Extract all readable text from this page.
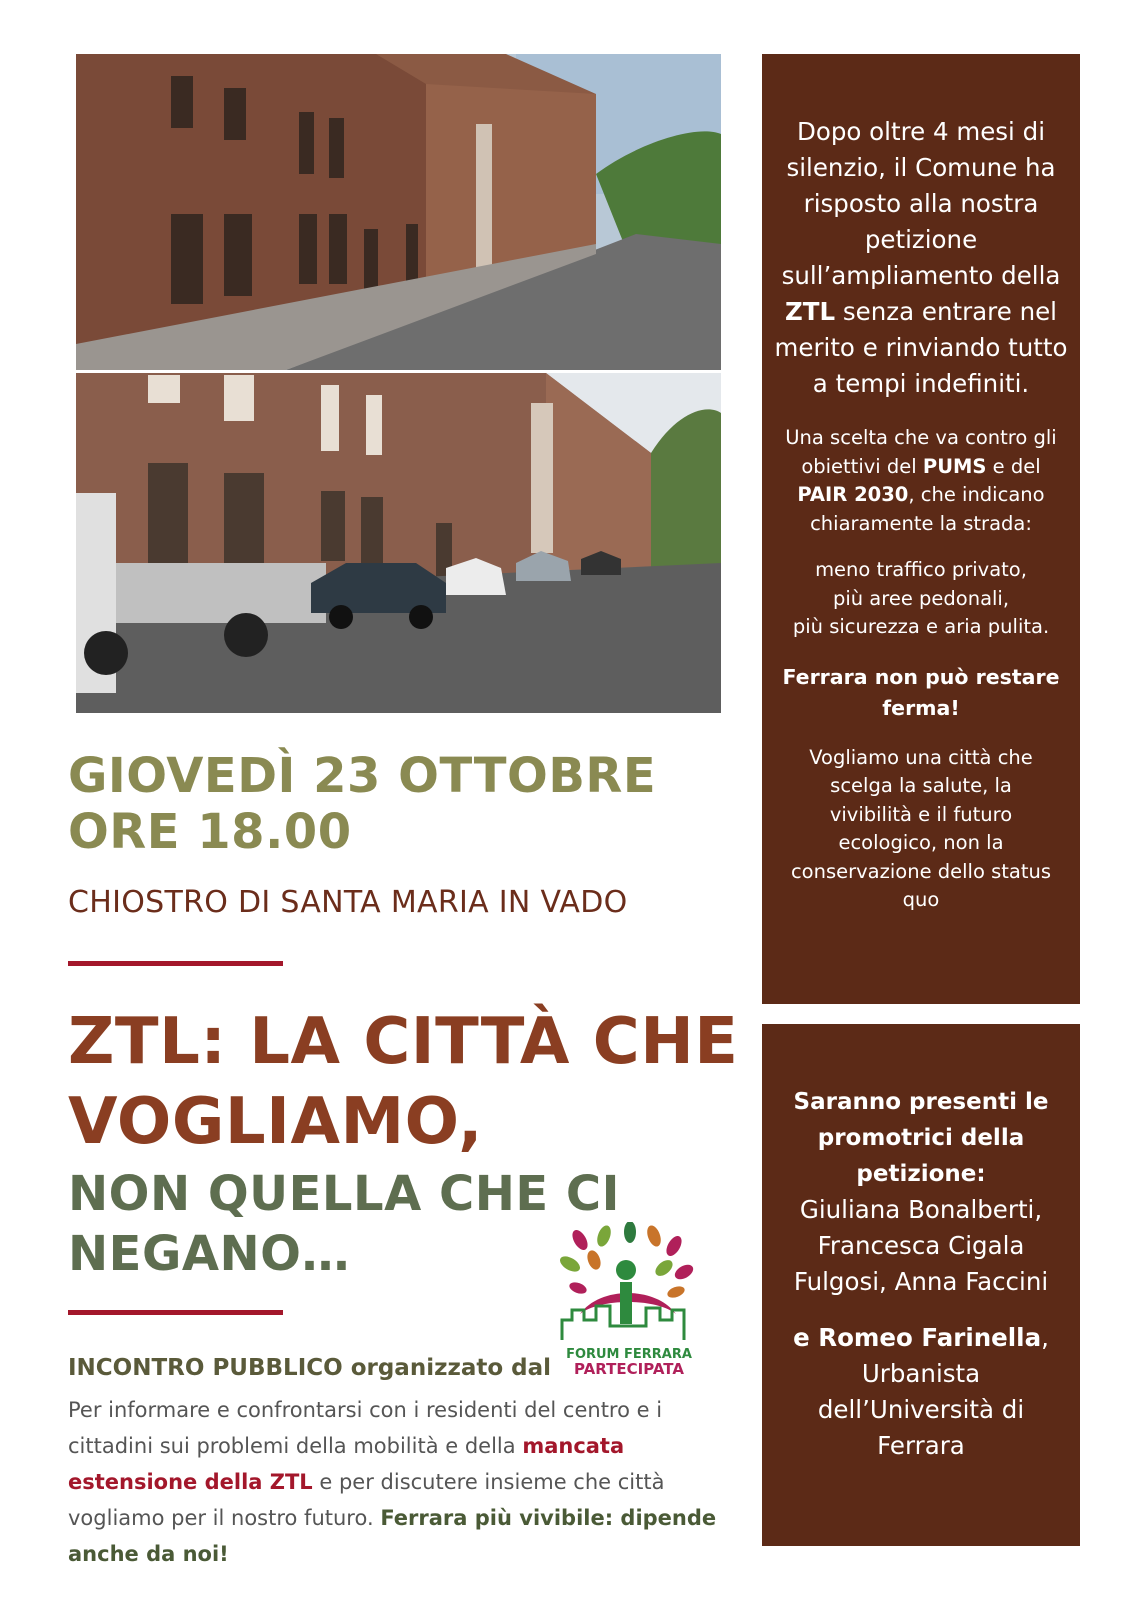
GIOVEDÌ 23 OTTOBRE
ORE 18.00
CHIOSTRO DI SANTA MARIA IN VADO
ZTL: LA CITTÀ CHE
VOGLIAMO,
NON QUELLA CHE CI
NEGANO…
FORUM FERRARA
PARTECIPATA
INCONTRO PUBBLICO organizzato dal
Per informare e confrontarsi con i residenti del centro e i cittadini sui problemi della mobilità e della mancata estensione della ZTL e per discutere insieme che città vogliamo per il nostro futuro. Ferrara più vivibile: dipende anche da noi!

Dopo oltre 4 mesi di silenzio, il Comune ha risposto alla nostra petizione sull’ampliamento della ZTL senza entrare nel merito e rinviando tutto a tempi indefiniti.

Una scelta che va contro gli obiettivi del PUMS e del PAIR 2030, che indicano chiaramente la strada:

meno traffico privato,
più aree pedonali,
più sicurezza e aria pulita.

Ferrara non può restare ferma!

Vogliamo una città che scelga la salute, la vivibilità e il futuro ecologico, non la conservazione dello status quo

Saranno presenti le promotrici della petizione:

Giuliana Bonalberti, Francesca Cigala Fulgosi, Anna Faccini

e Romeo Farinella,

Urbanista dell’Università di Ferrara
